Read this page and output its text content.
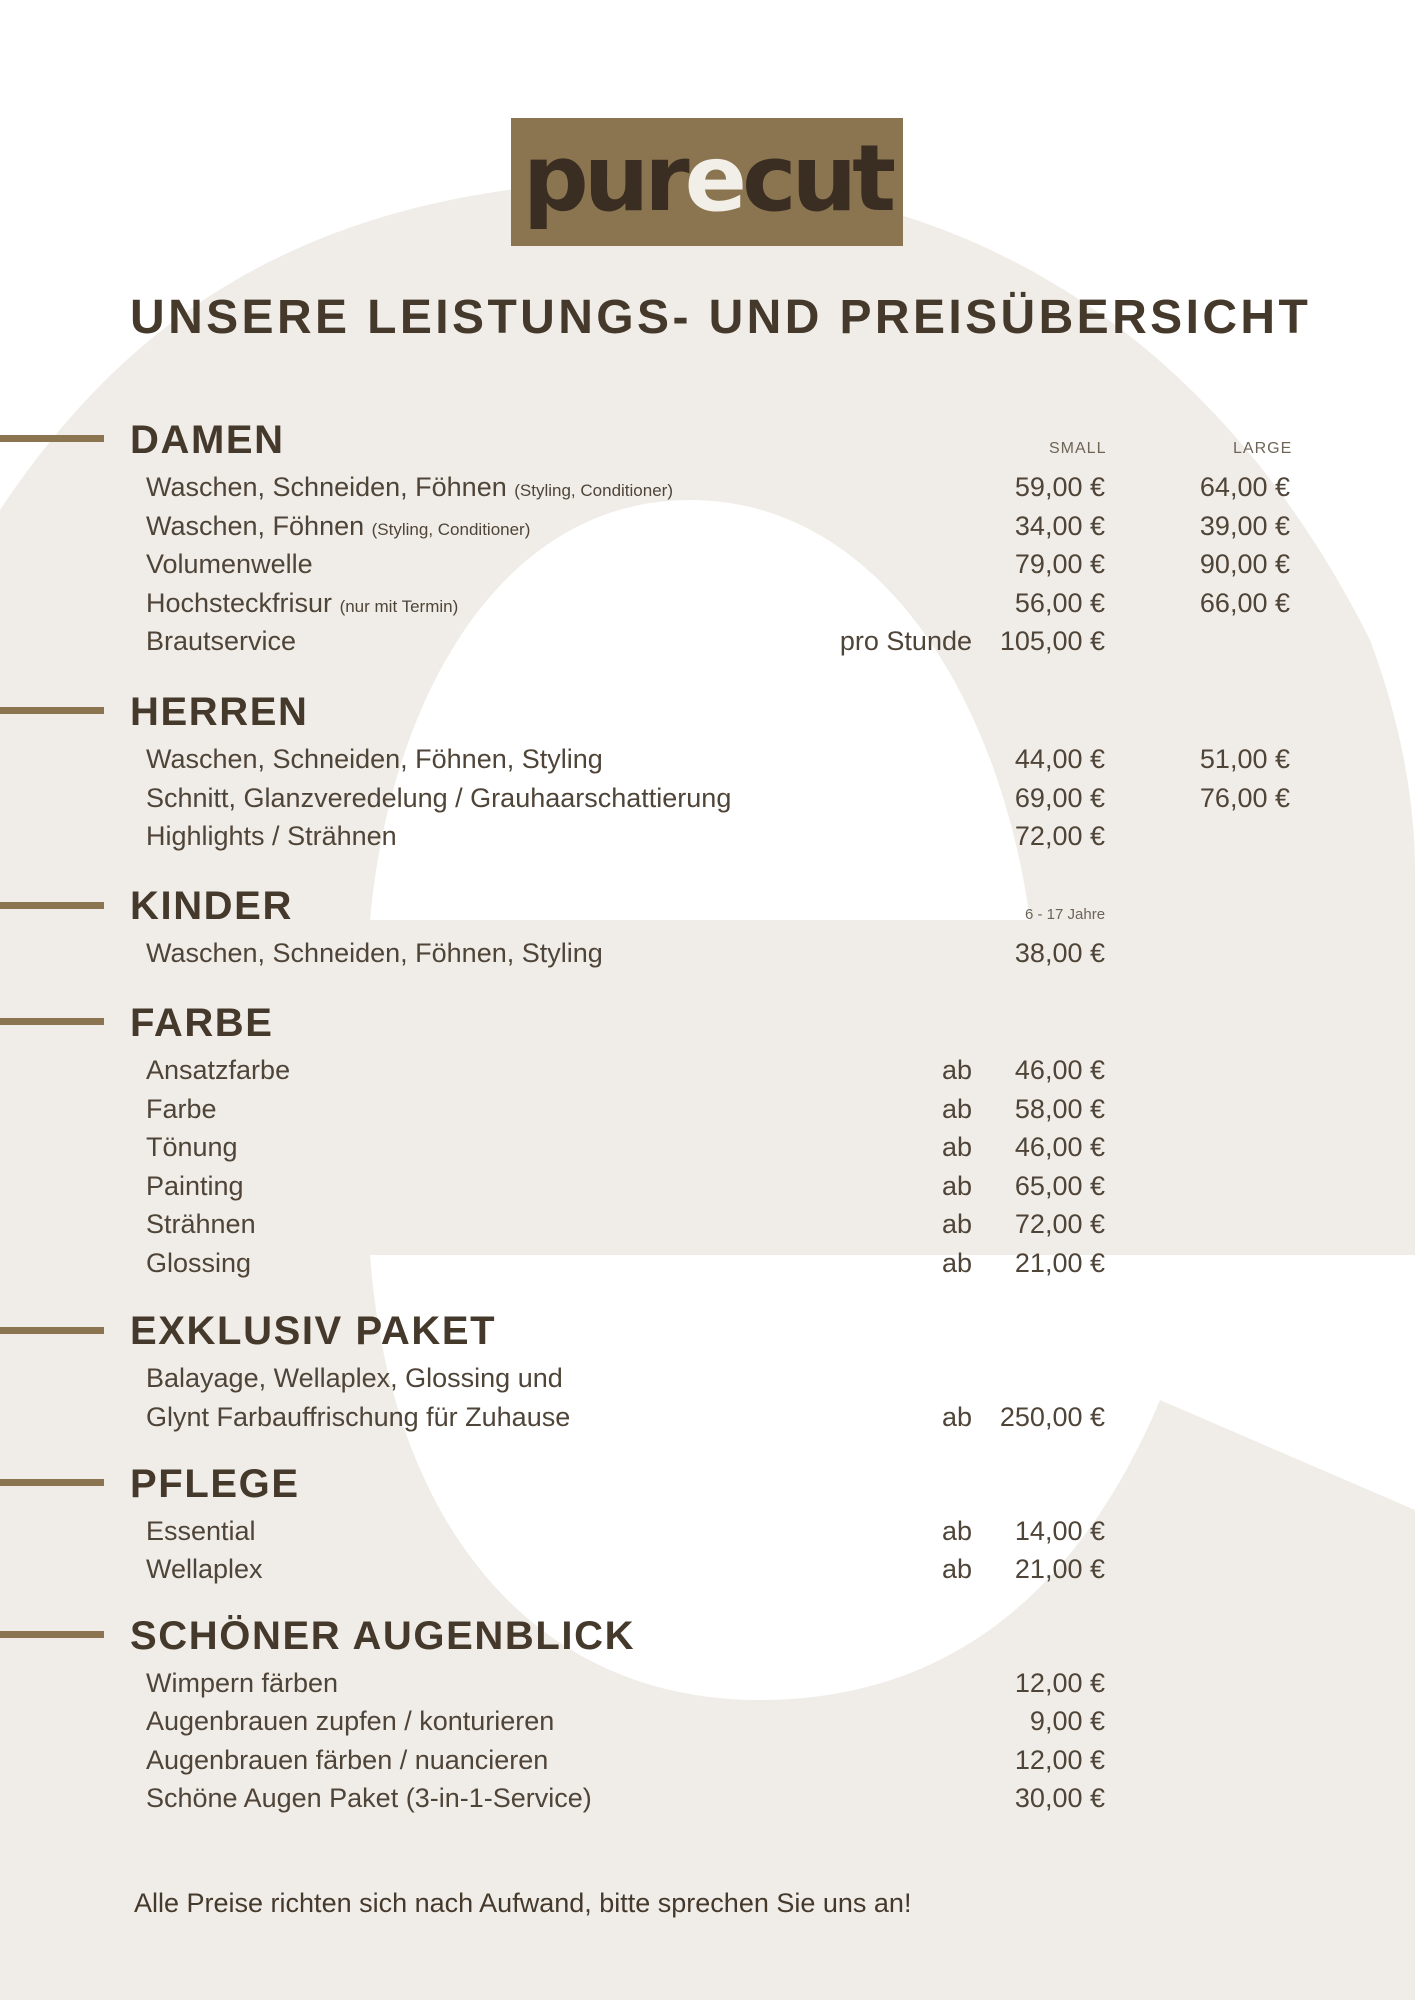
purecut
UNSERE LEISTUNGS- UND PREISÜBERSICHT
DAMEN	SMALL	LARGE
Waschen, Schneiden, Föhnen (Styling, Conditioner)	59,00 €	64,00 €
Waschen, Föhnen (Styling, Conditioner)	34,00 €	39,00 €
Volumenwelle	79,00 €	90,00 €
Hochsteckfrisur (nur mit Termin)	56,00 €	66,00 €
Brautservice	pro Stunde 105,00 €
HERREN
Waschen, Schneiden, Föhnen, Styling	44,00 €	51,00 €
Schnitt, Glanzveredelung / Grauhaarschattierung	69,00 €	76,00 €
Highlights / Strähnen	72,00 €
KINDER	6 - 17 Jahre
Waschen, Schneiden, Föhnen, Styling	38,00 €
FARBE
Ansatzfarbe	ab 46,00 €
Farbe	ab 58,00 €
Tönung	ab 46,00 €
Painting	ab 65,00 €
Strähnen	ab 72,00 €
Glossing	ab 21,00 €
EXKLUSIV PAKET
Balayage, Wellaplex, Glossing und
Glynt Farbauffrischung für Zuhause	ab 250,00 €
PFLEGE
Essential	ab 14,00 €
Wellaplex	ab 21,00 €
SCHÖNER AUGENBLICK
Wimpern färben	12,00 €
Augenbrauen zupfen / konturieren	9,00 €
Augenbrauen färben / nuancieren	12,00 €
Schöne Augen Paket (3-in-1-Service)	30,00 €
Alle Preise richten sich nach Aufwand, bitte sprechen Sie uns an!
